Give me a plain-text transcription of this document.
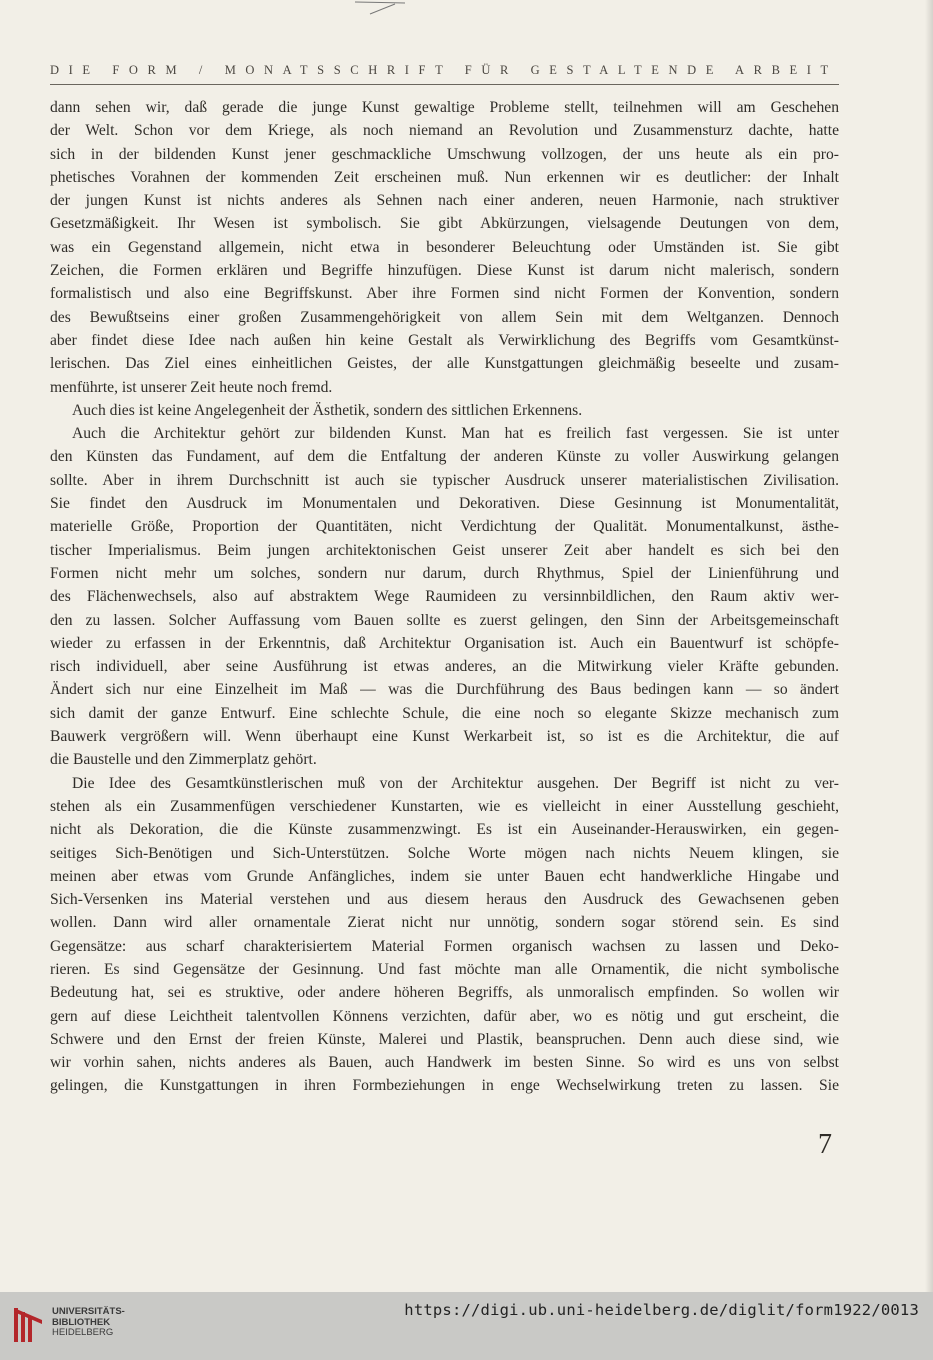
DIE FORM / MONATSSCHRIFT FÜR GESTALTENDE ARBEIT

dann sehen wir, daß gerade die junge Kunst gewaltige Probleme stellt, teilnehmen will am Geschehen

der Welt. Schon vor dem Kriege, als noch niemand an Revolution und Zusammensturz dachte, hatte

sich in der bildenden Kunst jener geschmackliche Umschwung vollzogen, der uns heute als ein pro-

phetisches Vorahnen der kommenden Zeit erscheinen muß. Nun erkennen wir es deutlicher: der Inhalt

der jungen Kunst ist nichts anderes als Sehnen nach einer anderen, neuen Harmonie, nach struktiver

Gesetzmäßigkeit. Ihr Wesen ist symbolisch. Sie gibt Abkürzungen, vielsagende Deutungen von dem,

was ein Gegenstand allgemein, nicht etwa in besonderer Beleuchtung oder Umständen ist. Sie gibt

Zeichen, die Formen erklären und Begriffe hinzufügen. Diese Kunst ist darum nicht malerisch, sondern

formalistisch und also eine Begriffskunst. Aber ihre Formen sind nicht Formen der Konvention, sondern

des Bewußtseins einer großen Zusammengehörigkeit von allem Sein mit dem Weltganzen. Dennoch

aber findet diese Idee nach außen hin keine Gestalt als Verwirklichung des Begriffs vom Gesamtkünst-

lerischen. Das Ziel eines einheitlichen Geistes, der alle Kunstgattungen gleichmäßig beseelte und zusam-

menführte, ist unserer Zeit heute noch fremd.

Auch dies ist keine Angelegenheit der Ästhetik, sondern des sittlichen Erkennens.

Auch die Architektur gehört zur bildenden Kunst. Man hat es freilich fast vergessen. Sie ist unter

den Künsten das Fundament, auf dem die Entfaltung der anderen Künste zu voller Auswirkung gelangen

sollte. Aber in ihrem Durchschnitt ist auch sie typischer Ausdruck unserer materialistischen Zivilisation.

Sie findet den Ausdruck im Monumentalen und Dekorativen. Diese Gesinnung ist Monumentalität,

materielle Größe, Proportion der Quantitäten, nicht Verdichtung der Qualität. Monumentalkunst, ästhe-

tischer Imperialismus. Beim jungen architektonischen Geist unserer Zeit aber handelt es sich bei den

Formen nicht mehr um solches, sondern nur darum, durch Rhythmus, Spiel der Linienführung und

des Flächenwechsels, also auf abstraktem Wege Raumideen zu versinnbildlichen, den Raum aktiv wer-

den zu lassen. Solcher Auffassung vom Bauen sollte es zuerst gelingen, den Sinn der Arbeitsgemeinschaft

wieder zu erfassen in der Erkenntnis, daß Architektur Organisation ist. Auch ein Bauentwurf ist schöpfe-

risch individuell, aber seine Ausführung ist etwas anderes, an die Mitwirkung vieler Kräfte gebunden.

Ändert sich nur eine Einzelheit im Maß — was die Durchführung des Baus bedingen kann — so ändert

sich damit der ganze Entwurf. Eine schlechte Schule, die eine noch so elegante Skizze mechanisch zum

Bauwerk vergrößern will. Wenn überhaupt eine Kunst Werkarbeit ist, so ist es die Architektur, die auf

die Baustelle und den Zimmerplatz gehört.

Die Idee des Gesamtkünstlerischen muß von der Architektur ausgehen. Der Begriff ist nicht zu ver-

stehen als ein Zusammenfügen verschiedener Kunstarten, wie es vielleicht in einer Ausstellung geschieht,

nicht als Dekoration, die die Künste zusammenzwingt. Es ist ein Auseinander-Herauswirken, ein gegen-

seitiges Sich-Benötigen und Sich-Unterstützen. Solche Worte mögen nach nichts Neuem klingen, sie

meinen aber etwas vom Grunde Anfängliches, indem sie unter Bauen echt handwerkliche Hingabe und

Sich-Versenken ins Material verstehen und aus diesem heraus den Ausdruck des Gewachsenen geben

wollen. Dann wird aller ornamentale Zierat nicht nur unnötig, sondern sogar störend sein. Es sind

Gegensätze: aus scharf charakterisiertem Material Formen organisch wachsen zu lassen und Deko-

rieren. Es sind Gegensätze der Gesinnung. Und fast möchte man alle Ornamentik, die nicht symbolische

Bedeutung hat, sei es struktive, oder andere höheren Begriffs, als unmoralisch empfinden. So wollen wir

gern auf diese Leichtheit talentvollen Könnens verzichten, dafür aber, wo es nötig und gut erscheint, die

Schwere und den Ernst der freien Künste, Malerei und Plastik, beanspruchen. Denn auch diese sind, wie

wir vorhin sahen, nichts anderes als Bauen, auch Handwerk im besten Sinne. So wird es uns von selbst

gelingen, die Kunstgattungen in ihren Formbeziehungen in enge Wechselwirkung treten zu lassen. Sie

7
UNIVERSITÄTS-
BIBLIOTHEK
HEIDELBERG
https://digi.ub.uni-heidelberg.de/diglit/form1922/0013
